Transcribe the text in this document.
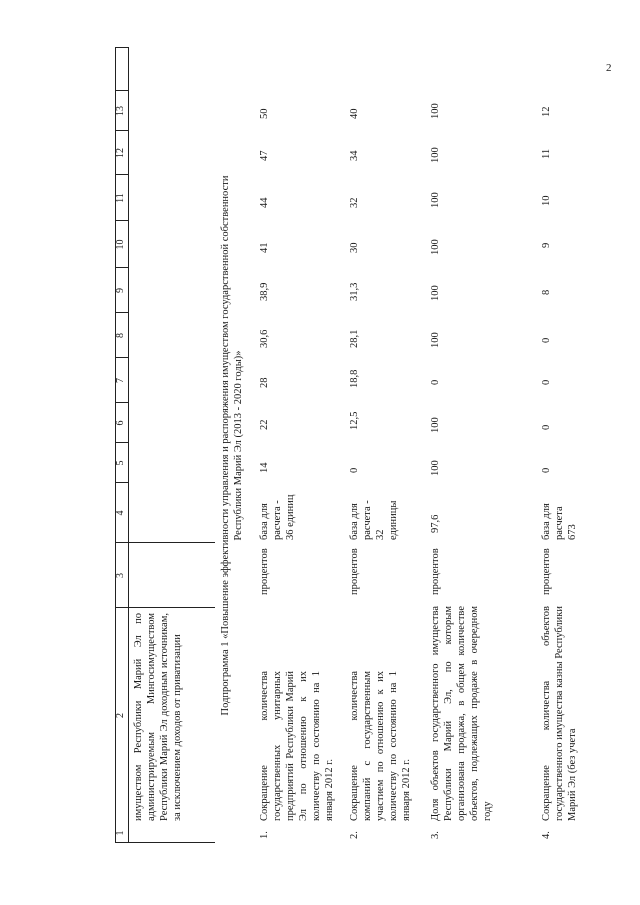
2
1
2
3
4
5
6
7
8
9
10
11
12
13
имуществом Республики Марий Эл по администрируемым Мингосимуществом Республики Марий Эл доходным источникам, за исключением доходов от приватизации
Подпрограмма 1 «Повышение эффективности управления и распоряжения имуществом государственной собственности Республики Марий Эл (2013 - 2020 годы)»
1.
Сокращение количества государственных унитарных предприятий Республики Марий Эл по отношению к их количеству по состоянию на 1 января 2012 г.
процентов
база для расчета - 36 единиц
14
22
28
30,6
38,9
41
44
47
50
2.
Сокращение количества компаний с государственным участием по отношению к их количеству по состоянию на 1 января 2012 г.
процентов
база для расчета - 32 единицы
0
12,5
18,8
28,1
31,3
30
32
34
40
3.
Доля объектов государственного имущества Республики Марий Эл, по которым организована продажа, в общем количестве объектов, подлежащих продаже в очередном году
процентов
97,6
100
100
0
100
100
100
100
100
100
4.
Сокращение количества объектов государственного имущества казны Республики Марий Эл (без учета
процентов
база для расчета 673
0
0
0
0
8
9
10
11
12
